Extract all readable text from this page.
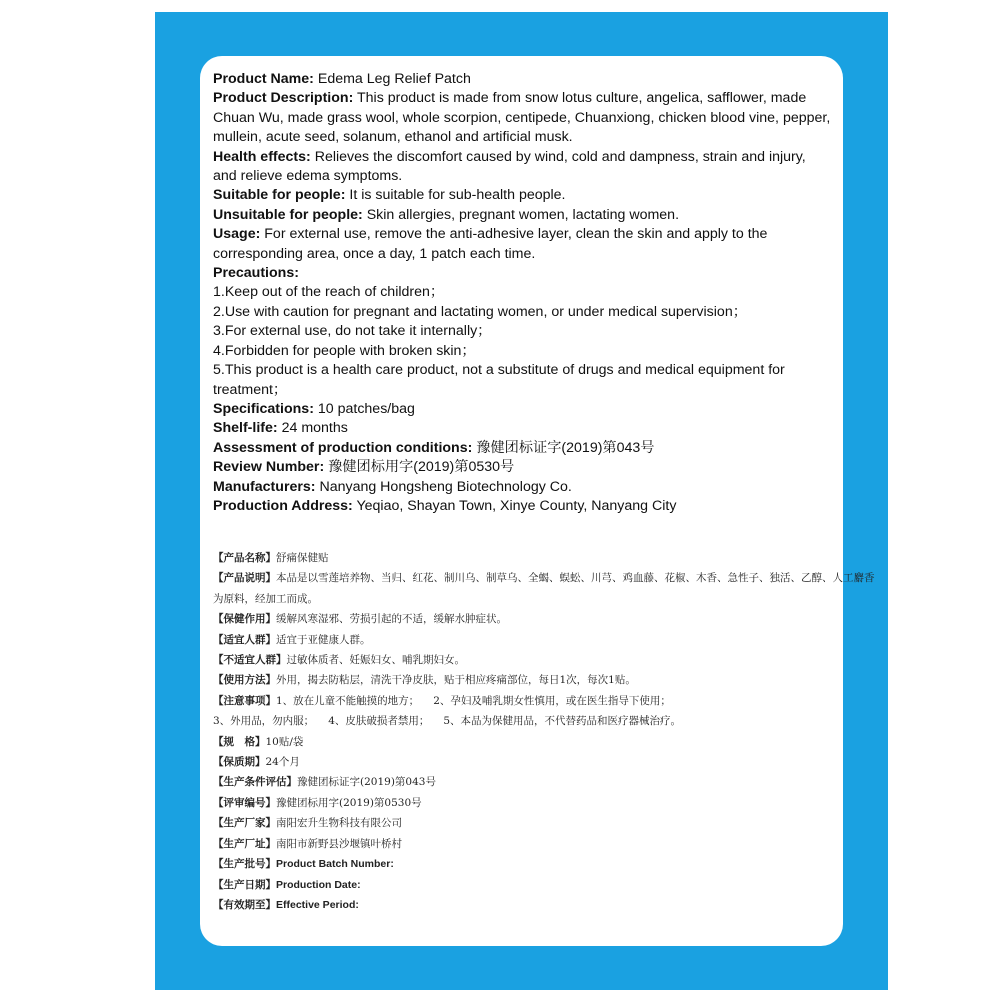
Product Name: Edema Leg Relief Patch

Product Description: This product is made from snow lotus culture, angelica, safflower, made Chuan Wu, made grass wool, whole scorpion, centipede, Chuanxiong, chicken blood vine, pepper, mullein, acute seed, solanum, ethanol and artificial musk.

Health effects: Relieves the discomfort caused by wind, cold and dampness, strain and injury, and relieve edema symptoms.

Suitable for people: It is suitable for sub-health people.

Unsuitable for people: Skin allergies, pregnant women, lactating women.

Usage: For external use, remove the anti-adhesive layer, clean the skin and apply to the corresponding area, once a day, 1 patch each time.

Precautions:

1.Keep out of the reach of children；

2.Use with caution for pregnant and lactating women, or under medical supervision；

3.For external use, do not take it internally；

4.Forbidden for people with broken skin；

5.This product is a health care product, not a substitute of drugs and medical equipment for treatment；

Specifications: 10 patches/bag

Shelf-life: 24 months

Assessment of production conditions: 豫健团标证字(2019)第043号

Review Number: 豫健团标用字(2019)第0530号

Manufacturers: Nanyang Hongsheng Biotechnology Co.

Production Address: Yeqiao, Shayan Town, Xinye County, Nanyang City

【产品名称】舒痛保健贴
【产品说明】本品是以雪莲培养物、当归、红花、制川乌、制草乌、全蝎、蜈蚣、川芎、鸡血藤、花椒、木香、急性子、独活、乙醇、人工麝香
为原料，经加工而成。
【保健作用】缓解风寒湿邪、劳损引起的不适，缓解水肿症状。
【适宜人群】适宜于亚健康人群。
【不适宜人群】过敏体质者、妊娠妇女、哺乳期妇女。
【使用方法】外用，揭去防粘层，清洗干净皮肤，贴于相应疼痛部位，每日1次，每次1贴。
【注意事项】1、放在儿童不能触摸的地方； 2、孕妇及哺乳期女性慎用，或在医生指导下使用；
3、外用品，勿内服； 4、皮肤破损者禁用； 5、本品为保健用品，不代替药品和医疗器械治疗。
【规　格】10贴/袋
【保质期】24个月
【生产条件评估】豫健团标证字(2019)第043号
【评审编号】豫健团标用字(2019)第0530号
【生产厂家】南阳宏升生物科技有限公司
【生产厂址】南阳市新野县沙堰镇叶桥村
【生产批号】Product Batch Number:
【生产日期】Production Date:
【有效期至】Effective Period:
